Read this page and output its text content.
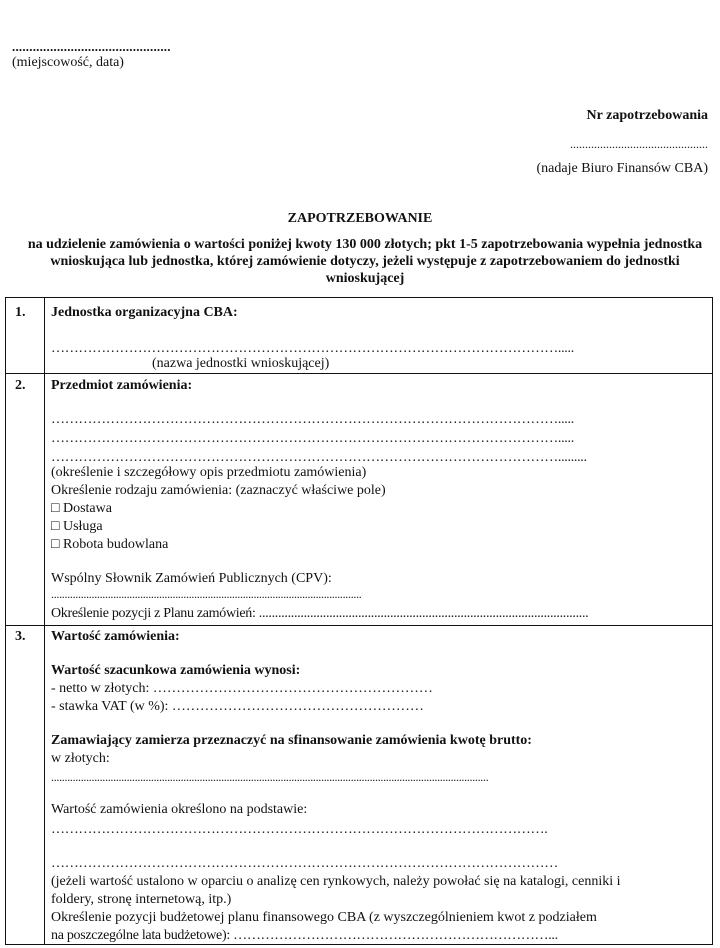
..............................................
(miejscowość, data)
Nr zapotrzebowania
..............................................
(nadaje Biuro Finansów CBA)
ZAPOTRZEBOWANIE
na udzielenie zamówienia o wartości poniżej kwoty 130 000 złotych; pkt 1-5 zapotrzebowania wypełnia jednostka wnioskująca lub jednostka, której zamówienie dotyczy, jeżeli występuje z zapotrzebowaniem do jednostki wnioskującej
1. Jednostka organizacyjna CBA:
………………………………………………………………………………………………….....
(nazwa jednostki wnioskującej)
2. Przedmiot zamówienia:
………………………………………………………………………………………………….....
………………………………………………………………………………………………….....
………………………………………………………………………………………………….........
(określenie i szczegółowy opis przedmiotu zamówienia)
Określenie rodzaju zamówienia: (zaznaczyć właściwe pole)
□ Dostawa
□ Usługa
□ Robota budowlana
Wspólny Słownik Zamówień Publicznych (CPV):
...................................................................................................................
Określenie pozycji z Planu zamówień: .......................................................................................................
3. Wartość zamówienia:
Wartość szacunkowa zamówienia wynosi:
- netto w złotych: ……………………………………………………
- stawka VAT (w %): ………………………………………………
Zamawiający zamierza przeznaczyć na sfinansowanie zamówienia kwotę brutto:
w złotych:
..................................................................................................................................................................
Wartość zamówienia określono na podstawie:
……………………………………………………………………………………………….
…………………………………………………………………………………………………
(jeżeli wartość ustalono w oparciu o analizę cen rynkowych, należy powołać się na katalogi, cenniki i
foldery, stronę internetową, itp.)
Określenie pozycji budżetowej planu finansowego CBA (z wyszczególnieniem kwot z podziałem
na poszczególne lata budżetowe): ……………………………………………………………...
